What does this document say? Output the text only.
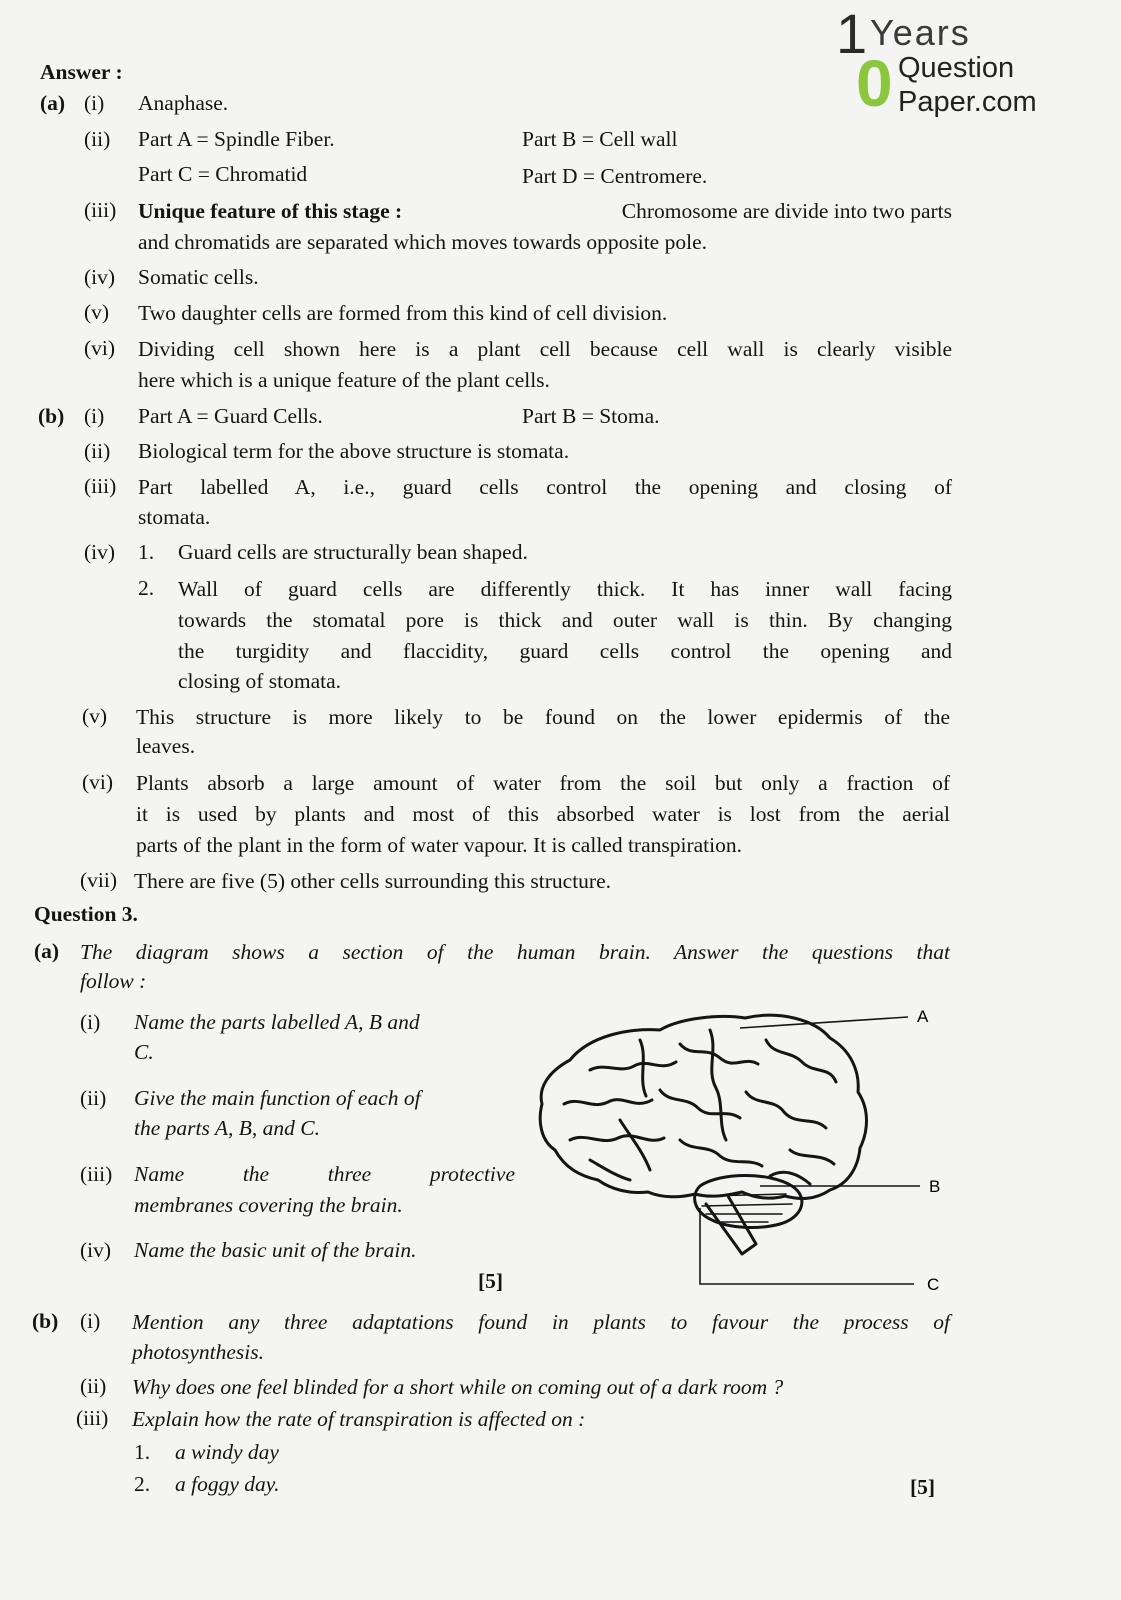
1
0
Years
Question
Paper.com
Answer :
(a) (i) Anaphase.
(ii) Part A = Spindle Fiber.	Part B = Cell wall
Part C = Chromatid	Part D = Centromere.
(iii) Unique feature of this stage :	Chromosome are divide into two parts
and chromatids are separated which moves towards opposite pole.
(iv) Somatic cells.
(v) Two daughter cells are formed from this kind of cell division.
(vi) Dividing cell shown here is a plant cell because cell wall is clearly visible
here which is a unique feature of the plant cells.
(b) (i) Part A = Guard Cells.	Part B = Stoma.
(ii) Biological term for the above structure is stomata.
(iii) Part labelled A, i.e., guard cells control the opening and closing of
stomata.
(iv) 1. Guard cells are structurally bean shaped.
2. Wall of guard cells are differently thick. It has inner wall facing
towards the stomatal pore is thick and outer wall is thin. By changing
the turgidity and flaccidity, guard cells control the opening and
closing of stomata.
(v) This structure is more likely to be found on the lower epidermis of the
leaves.
(vi) Plants absorb a large amount of water from the soil but only a fraction of
it is used by plants and most of this absorbed water is lost from the aerial
parts of the plant in the form of water vapour. It is called transpiration.
(vii) There are five (5) other cells surrounding this structure.
Question 3.
(a) The diagram shows a section of the human brain. Answer the questions that
follow :
(i) Name the parts labelled A, B and
C.
(ii) Give the main function of each of
the parts A, B, and C.
(iii) Name the three protective
membranes covering the brain.
(iv) Name the basic unit of the brain.
[5]
A
B
C
(b) (i) Mention any three adaptations found in plants to favour the process of
photosynthesis.
(ii) Why does one feel blinded for a short while on coming out of a dark room ?
(iii) Explain how the rate of transpiration is affected on :
1. a windy day
2. a foggy day.	[5]
